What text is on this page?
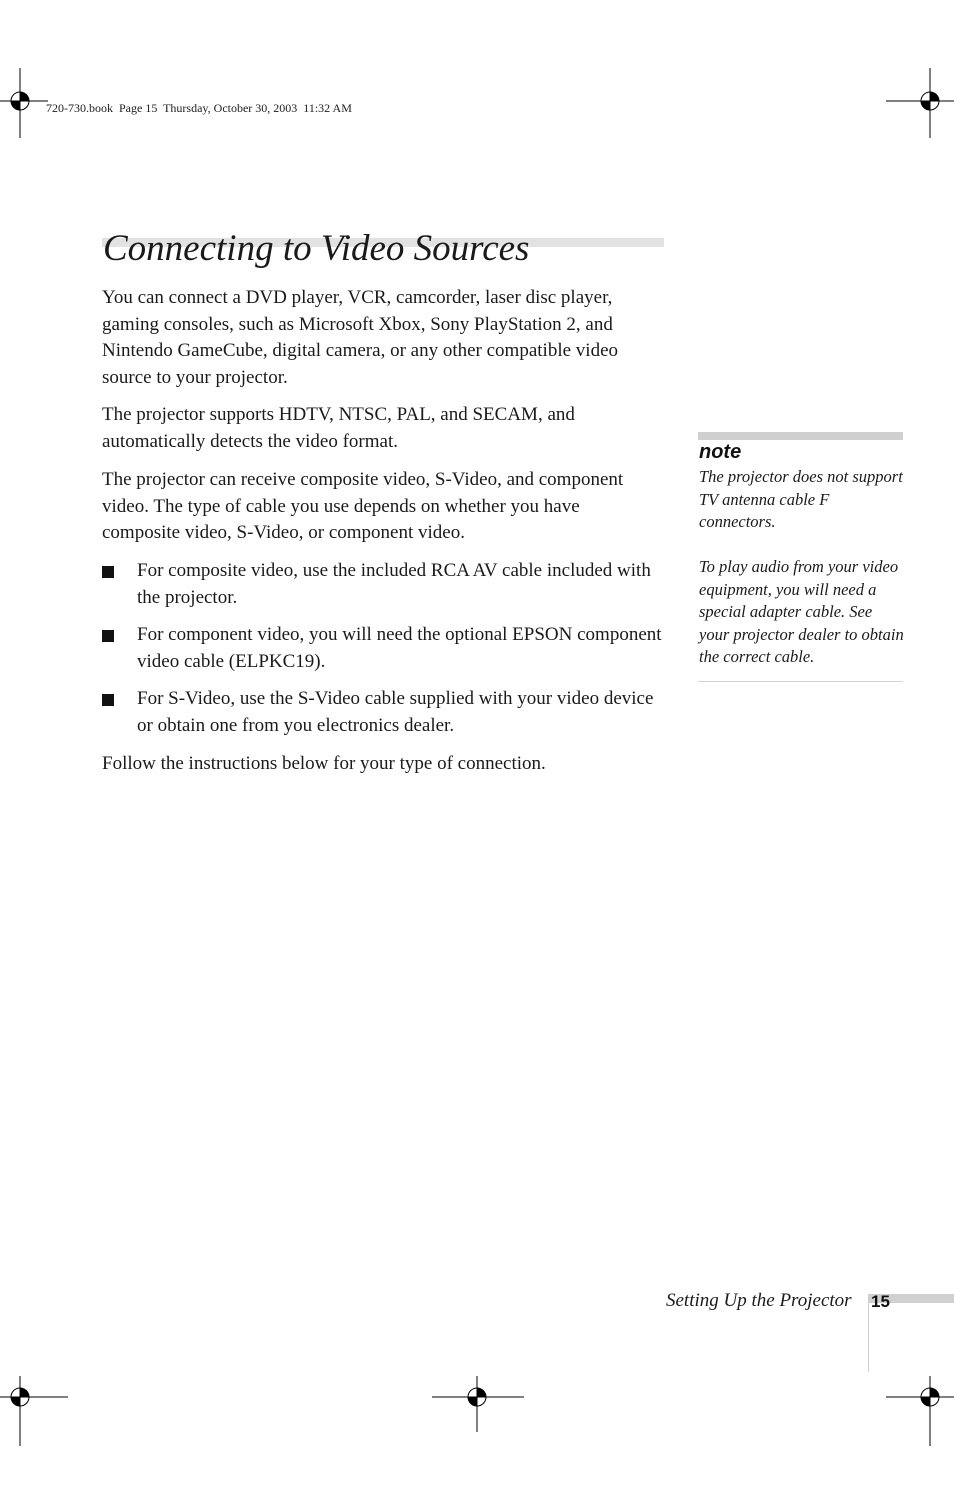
720-730.book  Page 15  Thursday, October 30, 2003  11:32 AM
Connecting to Video Sources

You can connect a DVD player, VCR, camcorder, laser disc player, gaming consoles, such as Microsoft Xbox, Sony PlayStation 2, and Nintendo GameCube, digital camera, or any other compatible video source to your projector.

The projector supports HDTV, NTSC, PAL, and SECAM, and automatically detects the video format.

The projector can receive composite video, S-Video, and component video. The type of cable you use depends on whether you have composite video, S-Video, or component video.

For composite video, use the included RCA AV cable included with the projector.
For component video, you will need the optional EPSON component video cable (ELPKC19).
For S-Video, use the S-Video cable supplied with your video device or obtain one from you electronics dealer.

Follow the instructions below for your type of connection.

note

The projector does not support TV antenna cable F connectors.

To play audio from your video equipment, you will need a special adapter cable. See your projector dealer to obtain the correct cable.

Setting Up the Projector 15
